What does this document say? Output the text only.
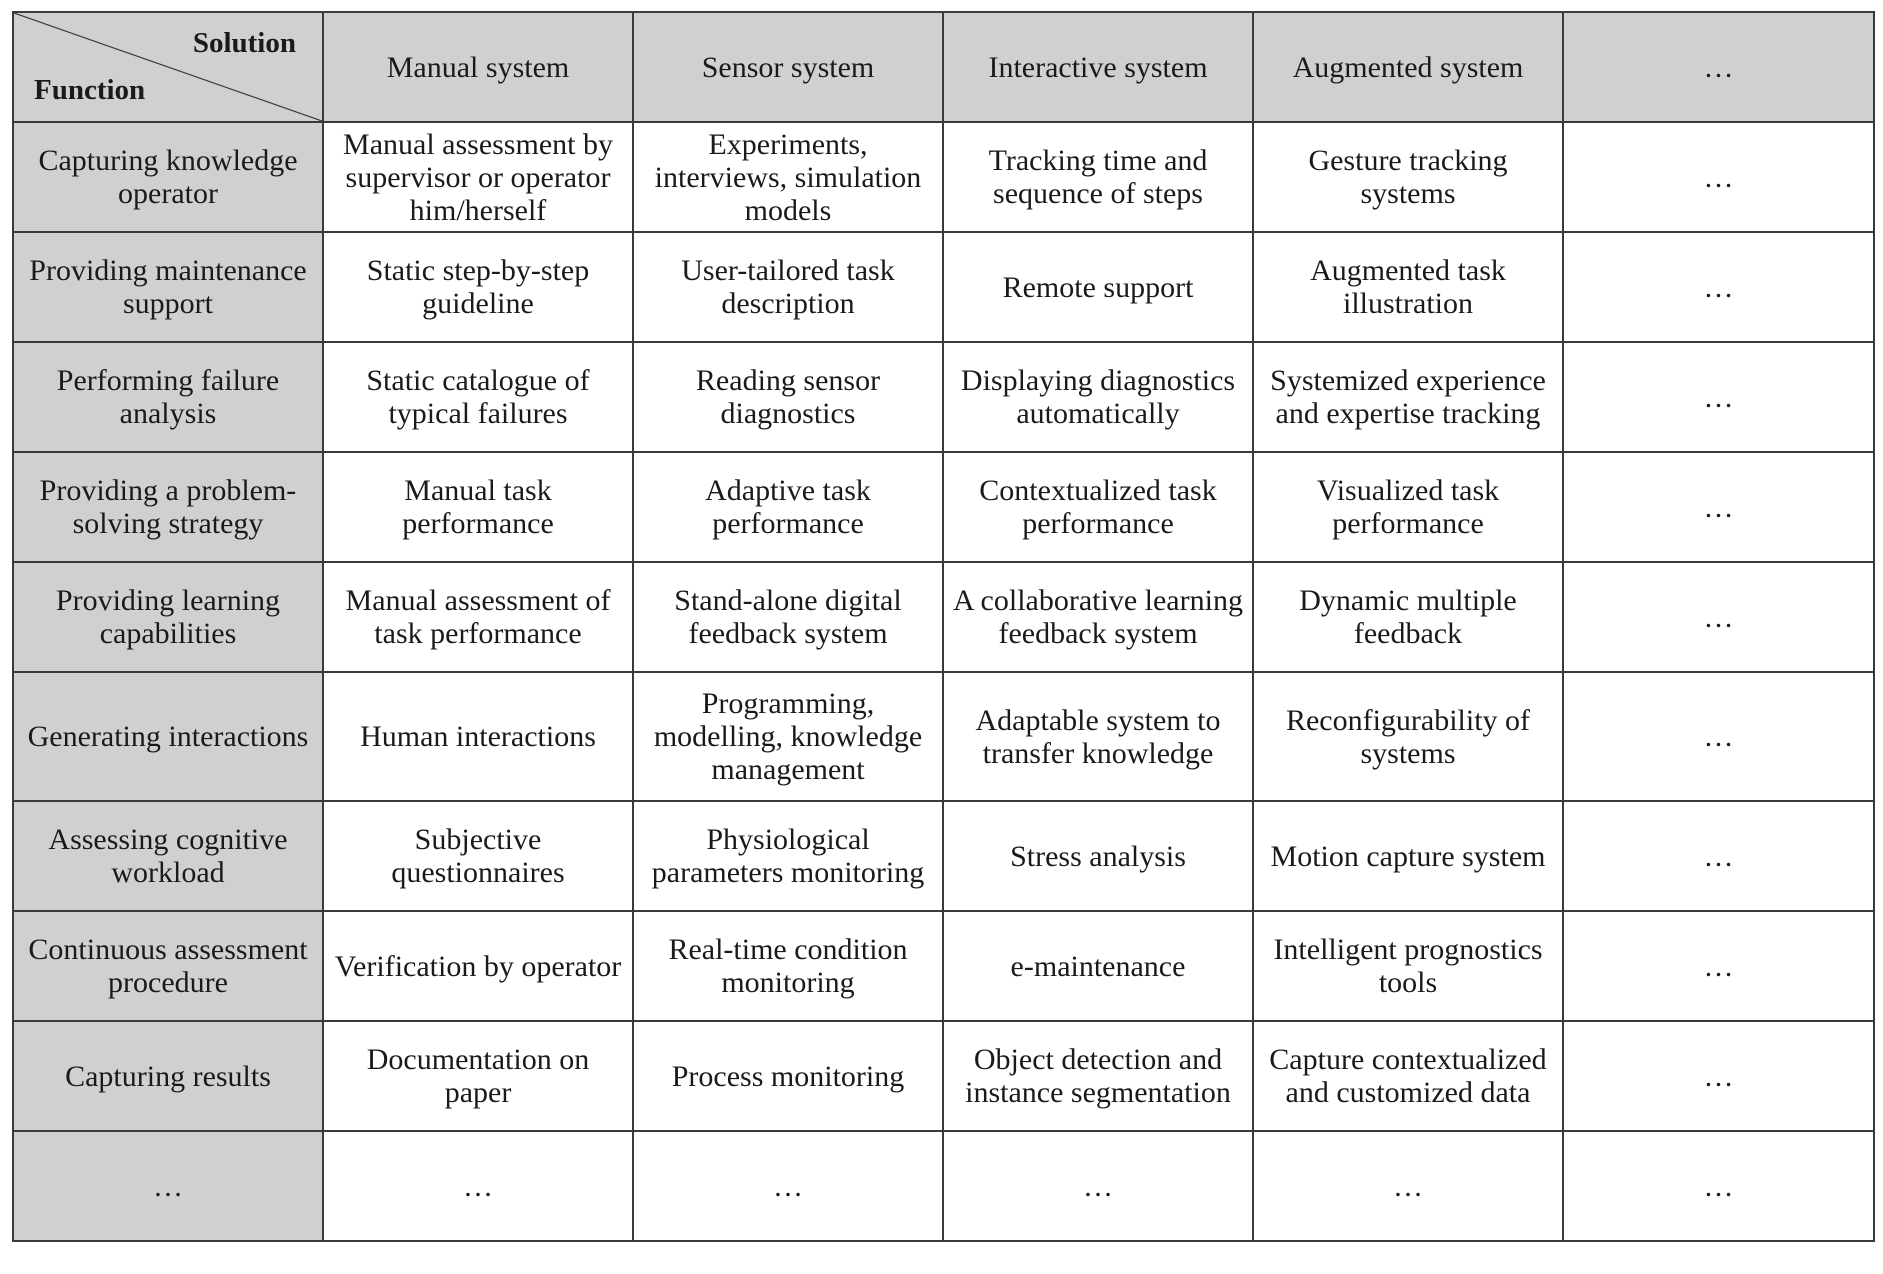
Solution
Function	Manual system	Sensor system	Interactive system	Augmented system	…
Capturing knowledge operator	Manual assessment by supervisor or operator him/herself	Experiments, interviews, simulation models	Tracking time and sequence of steps	Gesture tracking systems	…
Providing maintenance support	Static step-by-step guideline	User-tailored task description	Remote support	Augmented task illustration	…
Performing failure analysis	Static catalogue of typical failures	Reading sensor diagnostics	Displaying diagnostics automatically	Systemized experience and expertise tracking	…
Providing a problem-solving strategy	Manual task performance	Adaptive task performance	Contextualized task performance	Visualized task performance	…
Providing learning capabilities	Manual assessment of task performance	Stand-alone digital feedback system	A collaborative learning feedback system	Dynamic multiple feedback	…
Generating interactions	Human interactions	Programming, modelling, knowledge management	Adaptable system to transfer knowledge	Reconfigurability of systems	…
Assessing cognitive workload	Subjective questionnaires	Physiological parameters monitoring	Stress analysis	Motion capture system	…
Continuous assessment procedure	Verification by operator	Real-time condition monitoring	e-maintenance	Intelligent prognostics tools	…
Capturing results	Documentation on paper	Process monitoring	Object detection and instance segmentation	Capture contextualized and customized data	…
…	…	…	…	…	…
